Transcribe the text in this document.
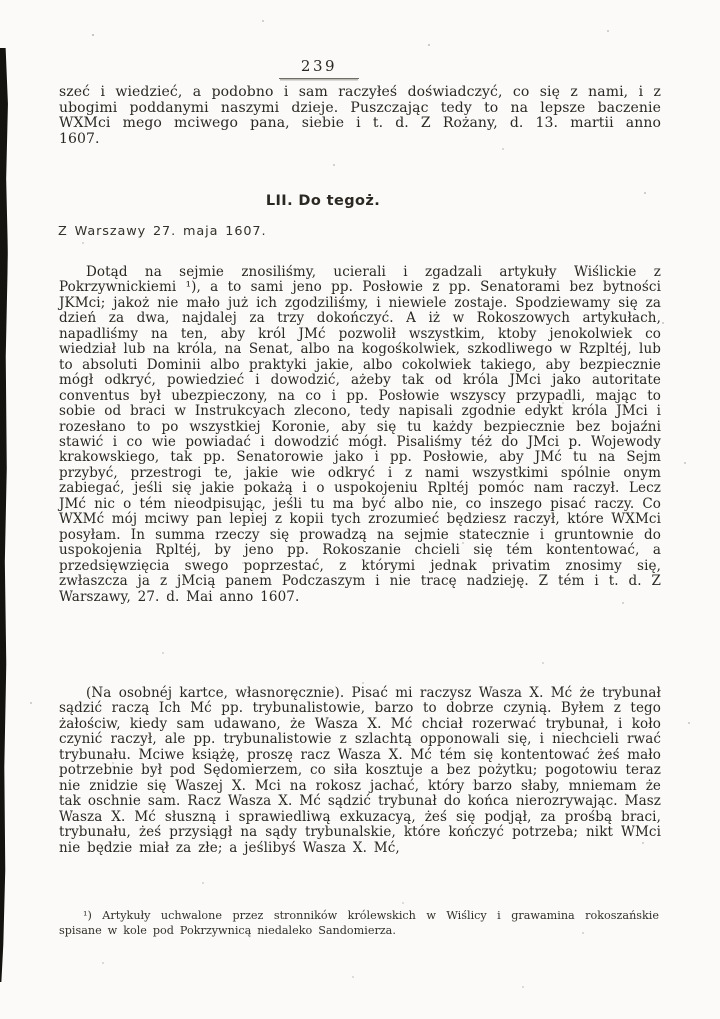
239

szeć i wiedzieć, a podobno i sam raczyłeś doświadczyć, co się z nami, i z ubogimi poddanymi naszymi dzieje. Puszczając tedy to na lepsze baczenie WXMci mego mciwego pana, siebie i t. d. Z Rożany, d. 13. martii anno 1607.

LII. Do tegoż.

Z Warszawy 27. maja 1607.

Dotąd na sejmie znosiliśmy, ucierali i zgadzali artykuły Wiślickie z Pokrzywnickiemi ¹), a to sami jeno pp. Posłowie z pp. Senatorami bez bytności JKMci; jakoż nie mało już ich zgodziliśmy, i niewiele zostaje. Spodziewamy się za dzień za dwa, najdalej za trzy dokończyć. A iż w Rokoszowych artykułach, napadliśmy na ten, aby król JMć pozwolił wszystkim, ktoby jenokolwiek co wiedział lub na króla, na Senat, albo na kogośkolwiek, szkodliwego w Rzpltéj, lub to absoluti Dominii albo praktyki jakie, albo cokolwiek takiego, aby bezpiecznie mógł odkryć, powiedzieć i dowodzić, ażeby tak od króla JMci jako autoritate conventus był ubezpieczony, na co i pp. Posłowie wszyscy przypadli, mając to sobie od braci w Instrukcyach zlecono, tedy napisali zgodnie edykt króla JMci i rozesłano to po wszystkiej Koronie, aby się tu każdy bezpiecznie bez bojaźni stawić i co wie powiadać i dowodzić mógł. Pisaliśmy téż do JMci p. Wojewody krakowskiego, tak pp. Senatorowie jako i pp. Posłowie, aby JMć tu na Sejm przybyć, przestrogi te, jakie wie odkryć i z nami wszystkimi spólnie onym zabiegać, jeśli się jakie pokażą i o uspokojeniu Rpltéj pomóc nam raczył. Lecz JMć nic o tém nieodpisując, jeśli tu ma być albo nie, co inszego pisać raczy. Co WXMć mój mciwy pan lepiej z kopii tych zrozumieć będziesz raczył, które WXMci posyłam. In summa rzeczy się prowadzą na sejmie statecznie i gruntownie do uspokojenia Rpltéj, by jeno pp. Rokoszanie chcieli się tém kontentować, a przedsięwzięcia swego poprzestać, z którymi jednak privatim znosimy się, zwłaszcza ja z jMcią panem Podczaszym i nie tracę nadzieję. Z tém i t. d. Z Warszawy, 27. d. Mai anno 1607.

(Na osobnéj kartce, własnoręcznie). Pisać mi raczysz Wasza X. Mć że trybunał sądzić raczą Ich Mć pp. trybunalistowie, barzo to dobrze czynią. Byłem z tego żałościw, kiedy sam udawano, że Wasza X. Mć chciał rozerwać trybunał, i koło czynić raczył, ale pp. trybunalistowie z szlachtą opponowali się, i niechcieli rwać trybunału. Mciwe książę, proszę racz Wasza X. Mć tém się kontentować żeś mało potrzebnie był pod Sędomierzem, co siła kosztuje a bez pożytku; pogotowiu teraz nie znidzie się Waszej X. Mci na rokosz jachać, który barzo słaby, mniemam że tak oschnie sam. Racz Wasza X. Mć sądzić trybunał do końca nierozrywając. Masz Wasza X. Mć słuszną i sprawiedliwą exkuzacyą, żeś się podjął, za prośbą braci, trybunału, żeś przysiągł na sądy trybunalskie, które kończyć potrzeba; nikt WMci nie będzie miał za złe; a jeślibyś Wasza X. Mć,

¹) Artykuły uchwalone przez stronników królewskich w Wiślicy i grawamina rokoszańskie spisane w kole pod Pokrzywnicą niedaleko Sandomierza.
